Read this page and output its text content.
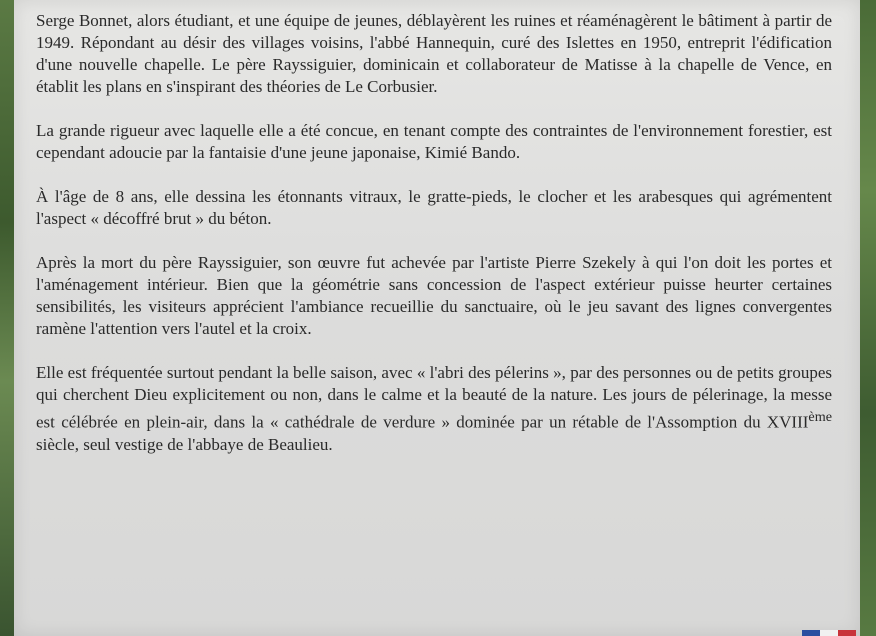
Serge Bonnet, alors étudiant, et une équipe de jeunes, déblayèrent les ruines et réaménagèrent le bâtiment à partir de 1949. Répondant au désir des villages voisins, l'abbé Hannequin, curé des Islettes en 1950, entreprit l'édification d'une nouvelle chapelle. Le père Rayssiguier, dominicain et collaborateur de Matisse à la chapelle de Vence, en établit les plans en s'inspirant des théories de Le Corbusier.

La grande rigueur avec laquelle elle a été concue, en tenant compte des contraintes de l'environnement forestier, est cependant adoucie par la fantaisie d'une jeune japonaise, Kimié Bando.

À l'âge de 8 ans, elle dessina les étonnants vitraux, le gratte-pieds, le clocher et les arabesques qui agrémentent l'aspect « décoffré brut » du béton.

Après la mort du père Rayssiguier, son œuvre fut achevée par l'artiste Pierre Szekely à qui l'on doit les portes et l'aménagement intérieur. Bien que la géométrie sans concession de l'aspect extérieur puisse heurter certaines sensibilités, les visiteurs apprécient l'ambiance recueillie du sanctuaire, où le jeu savant des lignes convergentes ramène l'attention vers l'autel et la croix.

Elle est fréquentée surtout pendant la belle saison, avec « l'abri des pélerins », par des personnes ou de petits groupes qui cherchent Dieu explicitement ou non, dans le calme et la beauté de la nature. Les jours de pélerinage, la messe est célébrée en plein-air, dans la « cathédrale de verdure » dominée par un rétable de l'Assomption du XVIIIème siècle, seul vestige de l'abbaye de Beaulieu.
